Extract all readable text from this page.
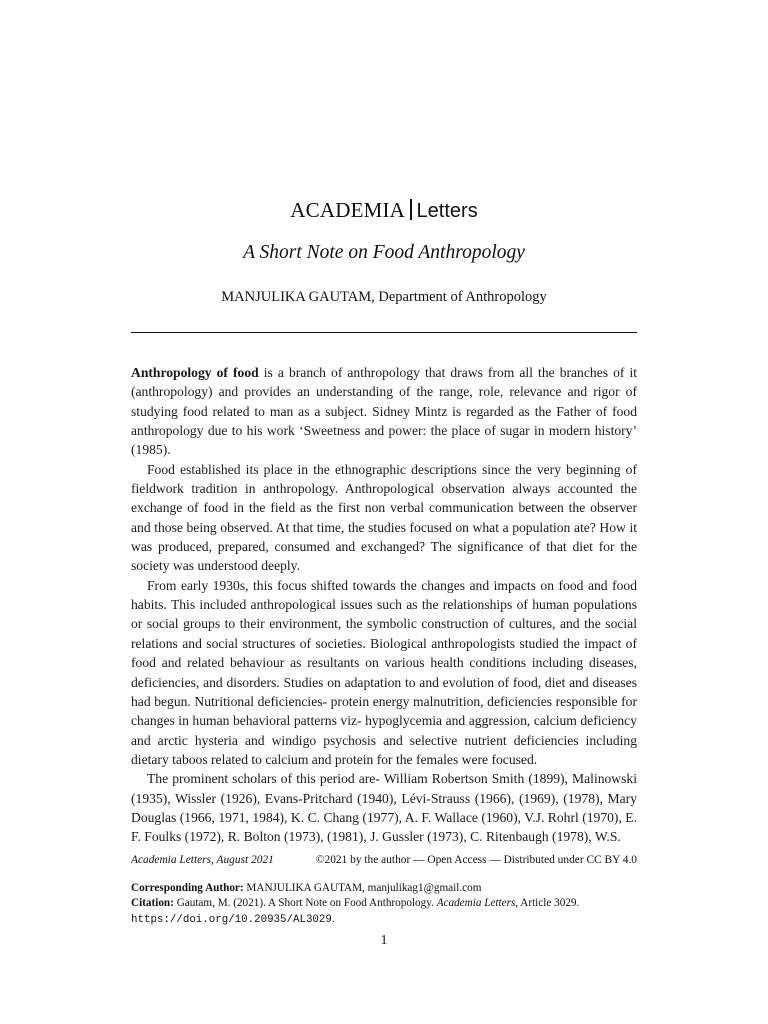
ACADEMIA Letters
A Short Note on Food Anthropology
MANJULIKA GAUTAM, Department of Anthropology

Anthropology of food is a branch of anthropology that draws from all the branches of it (anthropology) and provides an understanding of the range, role, relevance and rigor of studying food related to man as a subject. Sidney Mintz is regarded as the Father of food anthropology due to his work ‘Sweetness and power: the place of sugar in modern history’ (1985).

Food established its place in the ethnographic descriptions since the very beginning of fieldwork tradition in anthropology. Anthropological observation always accounted the exchange of food in the field as the first non verbal communication between the observer and those being observed. At that time, the studies focused on what a population ate? How it was produced, prepared, consumed and exchanged? The significance of that diet for the society was understood deeply.

From early 1930s, this focus shifted towards the changes and impacts on food and food habits. This included anthropological issues such as the relationships of human populations or social groups to their environment, the symbolic construction of cultures, and the social relations and social structures of societies. Biological anthropologists studied the impact of food and related behaviour as resultants on various health conditions including diseases, deficiencies, and disorders. Studies on adaptation to and evolution of food, diet and diseases had begun. Nutritional deficiencies- protein energy malnutrition, deficiencies responsible for changes in human behavioral patterns viz- hypoglycemia and aggression, calcium deficiency and arctic hysteria and windigo psychosis and selective nutrient deficiencies including dietary taboos related to calcium and protein for the females were focused.

The prominent scholars of this period are- William Robertson Smith (1899), Malinowski (1935), Wissler (1926), Evans-Pritchard (1940), Lévi-Strauss (1966), (1969), (1978), Mary Douglas (1966, 1971, 1984), K. C. Chang (1977), A. F. Wallace (1960), V.J. Rohrl (1970), E. F. Foulks (1972), R. Bolton (1973), (1981), J. Gussler (1973), C. Ritenbaugh (1978), W.S.

Academia Letters, August 2021	©2021 by the author — Open Access — Distributed under CC BY 4.0
Corresponding Author: MANJULIKA GAUTAM, manjulikag1@gmail.com
Citation: Gautam, M. (2021). A Short Note on Food Anthropology. Academia Letters, Article 3029.
https://doi.org/10.20935/AL3029.
1
